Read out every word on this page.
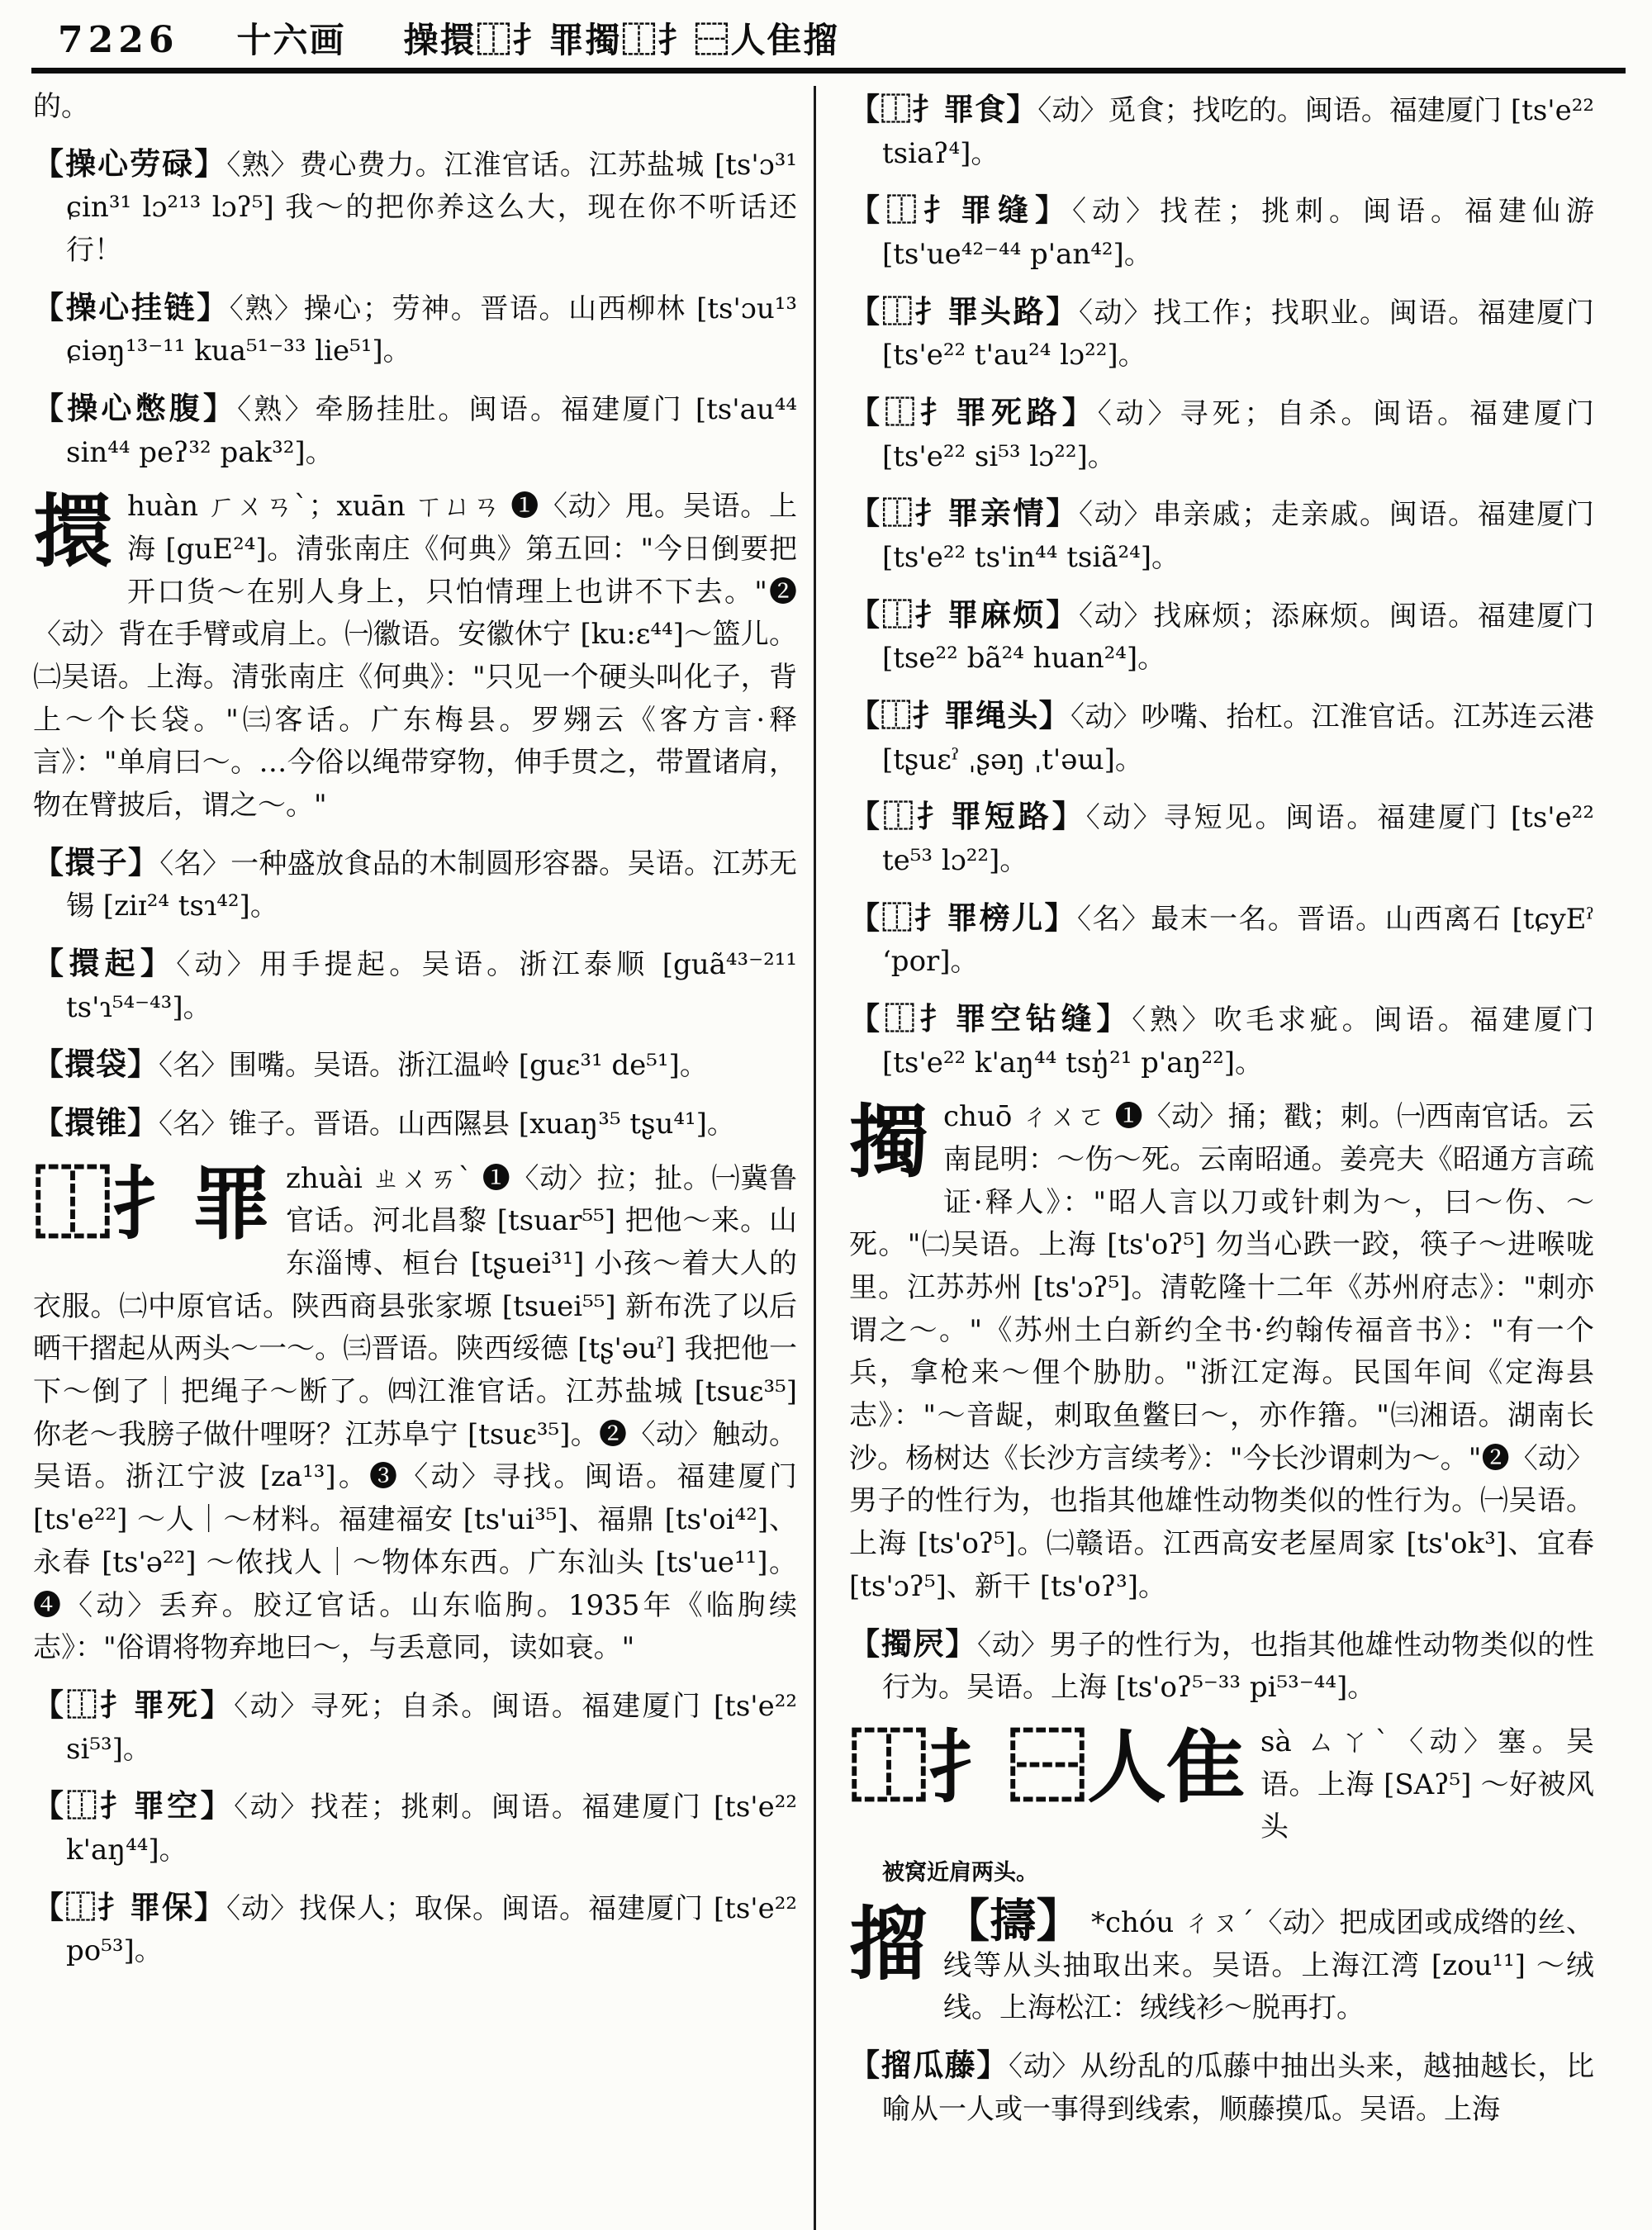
7226 十六画 操擐⿰扌罪擉⿰扌⿱人隹㨨
的。
【操心劳碌】〈熟〉费心费力。江淮官话。江苏盐城 [ts'ɔ³¹ ɕin³¹ lɔ²¹³ lɔʔ⁵] 我～的把你养这么大，现在你不听话还行！
【操心挂链】〈熟〉操心；劳神。晋语。山西柳林 [ts'ɔu¹³ ɕiəŋ¹³⁻¹¹ kua⁵¹⁻³³ lie⁵¹]。
【操心憋腹】〈熟〉牵肠挂肚。闽语。福建厦门 [ts'au⁴⁴ sin⁴⁴ peʔ³² pak³²]。
擐huàn ㄏㄨㄢˋ；xuān ㄒㄩㄢ ❶〈动〉甩。吴语。上海 [guE²⁴]。清张南庄《何典》第五回："今日倒要把开口货～在别人身上，只怕情理上也讲不下去。"❷〈动〉背在手臂或肩上。㈠徽语。安徽休宁 [ku:ɛ⁴⁴]～篮儿。㈡吴语。上海。清张南庄《何典》："只见一个硬头叫化子，背上～个长袋。"㈢客话。广东梅县。罗翙云《客方言·释言》："单肩曰～。…今俗以绳带穿物，伸手贯之，带置诸肩，物在臂披后，谓之～。"
【擐子】〈名〉一种盛放食品的木制圆形容器。吴语。江苏无锡 [ziɪ²⁴ tsɿ⁴²]。
【擐起】〈动〉用手提起。吴语。浙江泰顺 [guã⁴³⁻²¹¹ ts'ɿ⁵⁴⁻⁴³]。
【擐袋】〈名〉围嘴。吴语。浙江温岭 [guɛ³¹ de⁵¹]。
【擐锥】〈名〉锥子。晋语。山西隰县 [xuaŋ³⁵ tʂu⁴¹]。
⿰扌罪 zhuài ㄓㄨㄞˋ ❶〈动〉拉；扯。㈠冀鲁官话。河北昌黎 [tsuar⁵⁵] 把他～来。山东淄博、桓台 [tʂuei³¹] 小孩～着大人的衣服。㈡中原官话。陕西商县张家塬 [tsuei⁵⁵] 新布洗了以后晒干摺起从两头～一～。㈢晋语。陕西绥德 [tʂ'əuˀ] 我把他一下～倒了｜把绳子～断了。㈣江淮官话。江苏盐城 [tsuɛ³⁵] 你老～我膀子做什哩呀？江苏阜宁 [tsuɛ³⁵]。❷〈动〉触动。吴语。浙江宁波 [za¹³]。❸〈动〉寻找。闽语。福建厦门 [ts'e²²] ～人｜～材料。福建福安 [ts'ui³⁵]、福鼎 [ts'oi⁴²]、永春 [ts'ə²²] ～侬找人｜～物体东西。广东汕头 [ts'ue¹¹]。❹〈动〉丢弃。胶辽官话。山东临朐。1935年《临朐续志》："俗谓将物弃地曰～，与丢意同，读如衰。"
【⿰扌罪死】〈动〉寻死；自杀。闽语。福建厦门 [ts'e²² si⁵³]。
【⿰扌罪空】〈动〉找茬；挑刺。闽语。福建厦门 [ts'e²² k'aŋ⁴⁴]。
【⿰扌罪保】〈动〉找保人；取保。闽语。福建厦门 [ts'e²² po⁵³]。
【⿰扌罪食】〈动〉觅食；找吃的。闽语。福建厦门 [ts'e²² tsiaʔ⁴]。
【⿰扌罪缝】〈动〉找茬；挑刺。闽语。福建仙游 [ts'ue⁴²⁻⁴⁴ p'an⁴²]。
【⿰扌罪头路】〈动〉找工作；找职业。闽语。福建厦门 [ts'e²² t'au²⁴ lɔ²²]。
【⿰扌罪死路】〈动〉寻死；自杀。闽语。福建厦门 [ts'e²² si⁵³ lɔ²²]。
【⿰扌罪亲情】〈动〉串亲戚；走亲戚。闽语。福建厦门 [ts'e²² ts'in⁴⁴ tsiã²⁴]。
【⿰扌罪麻烦】〈动〉找麻烦；添麻烦。闽语。福建厦门 [tse²² bã²⁴ huan²⁴]。
【⿰扌罪绳头】〈动〉吵嘴、抬杠。江淮官话。江苏连云港 [tʂuɛˀ ˌʂəŋ ˌt'əɯ]。
【⿰扌罪短路】〈动〉寻短见。闽语。福建厦门 [ts'e²² te⁵³ lɔ²²]。
【⿰扌罪榜儿】〈名〉最末一名。晋语。山西离石 [tɕyEˀ ʻpor]。
【⿰扌罪空钻缝】〈熟〉吹毛求疵。闽语。福建厦门 [ts'e²² k'aŋ⁴⁴ tsŋ̍²¹ p'aŋ²²]。
擉chuō ㄔㄨㄛ ❶〈动〉捅；戳；刺。㈠西南官话。云南昆明：～伤～死。云南昭通。姜亮夫《昭通方言疏证·释人》："昭人言以刀或针刺为～，曰～伤、～死。"㈡吴语。上海 [ts'oʔ⁵] 勿当心跌一跤，筷子～进喉咙里。江苏苏州 [ts'ɔʔ⁵]。清乾隆十二年《苏州府志》："刺亦谓之～。"《苏州土白新约全书·约翰传福音书》："有一个兵，拿枪来～俚个胁肋。"浙江定海。民国年间《定海县志》："～音龊，刺取鱼鳖曰～，亦作簎。"㈢湘语。湖南长沙。杨树达《长沙方言续考》："今长沙谓刺为～。"❷〈动〉男子的性行为，也指其他雄性动物类似的性行为。㈠吴语。上海 [ts'oʔ⁵]。㈡赣语。江西高安老屋周家 [ts'ok³]、宜春 [ts'ɔʔ⁵]、新干 [ts'oʔ³]。
【擉屄】〈动〉男子的性行为，也指其他雄性动物类似的性行为。吴语。上海 [ts'oʔ⁵⁻³³ pi⁵³⁻⁴⁴]。
⿰扌⿱人隹 sà ㄙㄚˋ〈动〉塞。吴语。上海 [SAʔ⁵] ～好被风头
被窝近肩两头。
㨨 【擣】 *chóu ㄔㄡˊ〈动〉把成团或成绺的丝、线等从头抽取出来。吴语。上海江湾 [zou¹¹] ～绒线。上海松江：绒线衫～脱再打。
【㨨瓜藤】〈动〉从纷乱的瓜藤中抽出头来，越抽越长，比喻从一人或一事得到线索，顺藤摸瓜。吴语。上海
